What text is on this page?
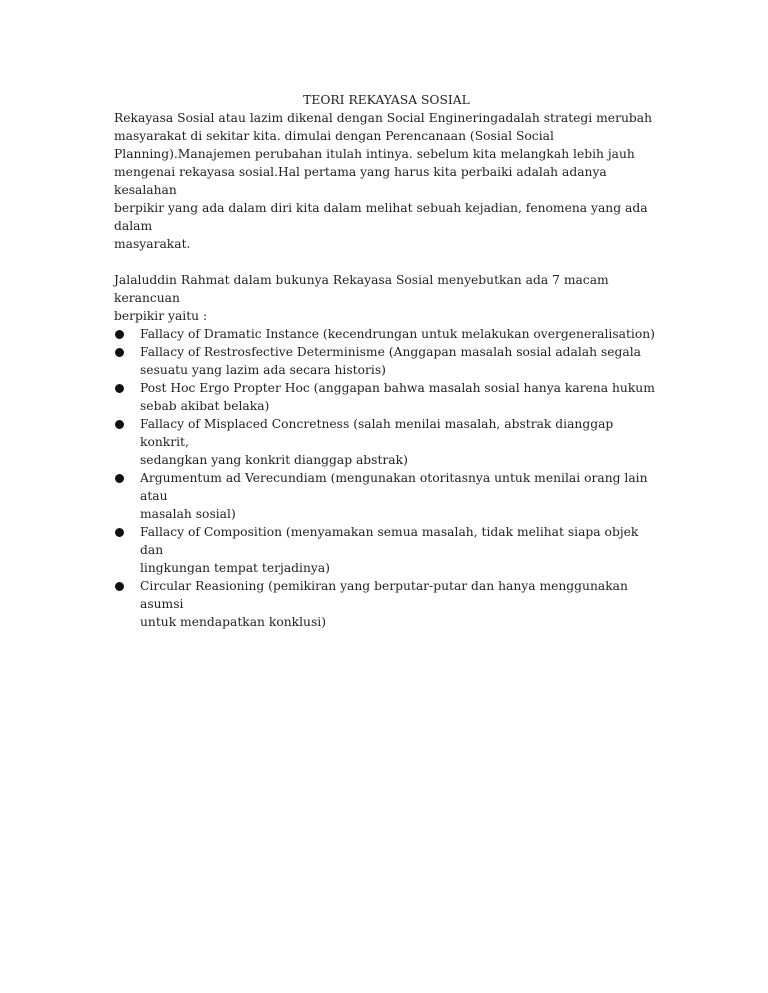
TEORI REKAYASA SOSIAL

Rekayasa Sosial atau lazim dikenal dengan Social Engineringadalah strategi merubah
masyarakat di sekitar kita. dimulai dengan Perencanaan (Sosial Social
Planning).Manajemen perubahan itulah intinya. sebelum kita melangkah lebih jauh
mengenai rekayasa sosial.Hal pertama yang harus kita perbaiki adalah adanya kesalahan
berpikir yang ada dalam diri kita dalam melihat sebuah kejadian, fenomena yang ada dalam
masyarakat.

Jalaluddin Rahmat dalam bukunya Rekayasa Sosial menyebutkan ada 7 macam kerancuan
berpikir yaitu :

Fallacy of Dramatic Instance (kecendrungan untuk melakukan overgeneralisation)
Fallacy of Restrosfective Determinisme (Anggapan masalah sosial adalah segala
sesuatu yang lazim ada secara historis)
Post Hoc Ergo Propter Hoc (anggapan bahwa masalah sosial hanya karena hukum
sebab akibat belaka)
Fallacy of Misplaced Concretness (salah menilai masalah, abstrak dianggap konkrit,
sedangkan yang konkrit dianggap abstrak)
Argumentum ad Verecundiam (mengunakan otoritasnya untuk menilai orang lain atau
masalah sosial)
Fallacy of Composition (menyamakan semua masalah, tidak melihat siapa objek dan
lingkungan tempat terjadinya)
Circular Reasioning (pemikiran yang berputar-putar dan hanya menggunakan asumsi
untuk mendapatkan konklusi)
